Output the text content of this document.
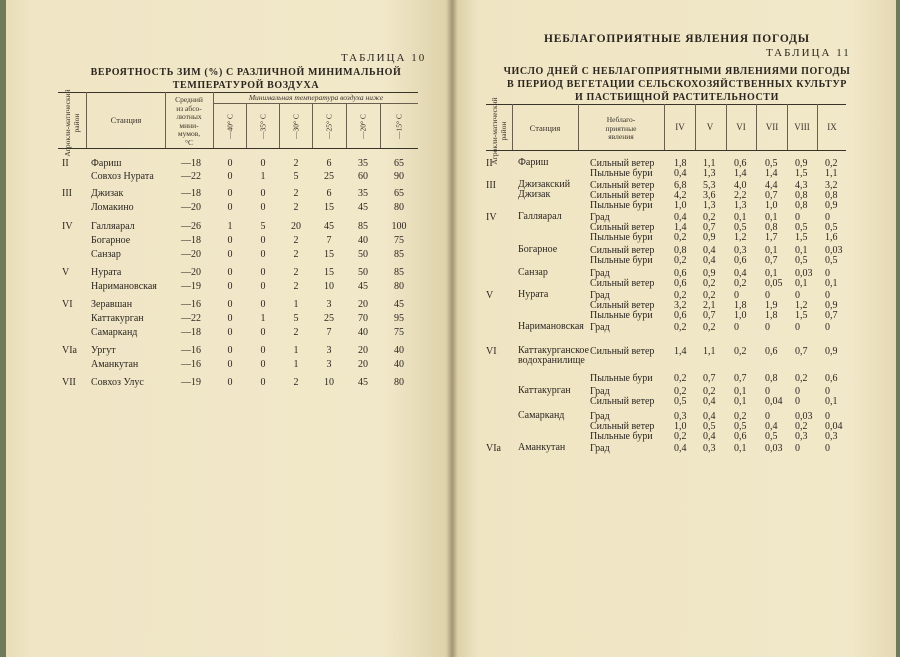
ТАБЛИЦА 10
ВЕРОЯТНОСТЬ ЗИМ (%) С РАЗЛИЧНОЙ МИНИМАЛЬНОЙ
ТЕМПЕРАТУРОЙ ВОЗДУХА
Агрокли-матический район	Станция
Средний
из абсо-
лютных
мини-
мумов,
°С
Минимальная температура воздуха ниже
—40° С	—35° С	—30° С	—25° С	—20° С	—15° С
II Фариш	—18	0	0	2	6	35	65
Совхоз Нурата	—22	0	1	5	25	60	90
III Джизак	—18	0	0	2	6	35	65
Ломакино	—20	0	0	2	15	45	80
IV Галляарал	—26	1	5	20	45	85	100
Богарное	—18	0	0	2	7	40	75
Санзар	—20	0	0	2	15	50	85
V Нурата	—20	0	0	2	15	50	85
Наримановская —19	0	0	2	10	45	80
VI Зеравшан	—16	0	0	1	3	20	45
Каттакурган	—22	0	1	5	25	70	95
Самарканд	—18	0	0	2	7	40	75
VIa Ургут	—16	0	0	1	3	20	40
Аманкутан	—16	0	0	1	3	20	40
VII Совхоз Улус	—19	0	0	2	10	45	80
НЕБЛАГОПРИЯТНЫЕ ЯВЛЕНИЯ ПОГОДЫ
ТАБЛИЦА 11
ЧИСЛО ДНЕЙ С НЕБЛАГОПРИЯТНЫМИ ЯВЛЕНИЯМИ ПОГОДЫ
В ПЕРИОД ВЕГЕТАЦИИ СЕЛЬСКОХОЗЯЙСТВЕННЫХ КУЛЬТУР
И ПАСТБИЩНОЙ РАСТИТЕЛЬНОСТИ
Агрокли-матический район	Станция
Неблаго-
приятные
явления
IV	V	VI	VII	VIII	IX
II	Фариш	Сильный ветер 1,8 1,1 0,6 0,5 0,9 0,2
Пыльные бури 0,4 1,3 1,4 1,4 1,5 1,1
III Джизакский	Сильный ветер 6,8 5,3 4,0 4,4 4,3 3,2
Джизак	Сильный ветер 4,2 3,6 2,2 0,7 0,8 0,8
Пыльные бури 1,0 1,3 1,3 1,0 0,8 0,9
IV Галляарал	Град	0,4 0,2 0,1 0,1 0	0
Сильный ветер 1,4 0,7 0,5 0,8 0,5 0,5
Пыльные бури 0,2 0,9 1,2 1,7 1,5 1,6
Богарное	Сильный ветер 0,8 0,4 0,3 0,1 0,1 0,03
Пыльные бури 0,2 0,4 0,6 0,7 0,5 0,5
Санзар	Град	0,6 0,9 0,4 0,1 0,03 0
Сильный ветер 0,6 0,2 0,2 0,05 0,1 0,1
V Нурата	Град	0,2 0,2 0	0	0	0
Сильный ветер 3,2 2,1 1,8 1,9 1,2 0,9
Пыльные бури 0,6 0,7 1,0 1,8 1,5 0,7
Наримановская Град	0,2 0,2 0	0	0	0
VI Каттакурганское водохранилище
Сильный ветер 1,4 1,1 0,2 0,6 0,7 0,9
Пыльные бури 0,2 0,7 0,7 0,8 0,2 0,6
Каттакурган	Град	0,2 0,2 0,1 0	0	0
Сильный ветер 0,5 0,4 0,1 0,04 0	0,1
Самарканд	Град	0,3 0,4 0,2 0	0,03 0
Сильный ветер 1,0 0,5 0,5 0,4 0,2 0,04
Пыльные бури 0,2 0,4 0,6 0,5 0,3 0,3
VIa Аманкутан	Град	0,4 0,3 0,1 0,03 0	0
